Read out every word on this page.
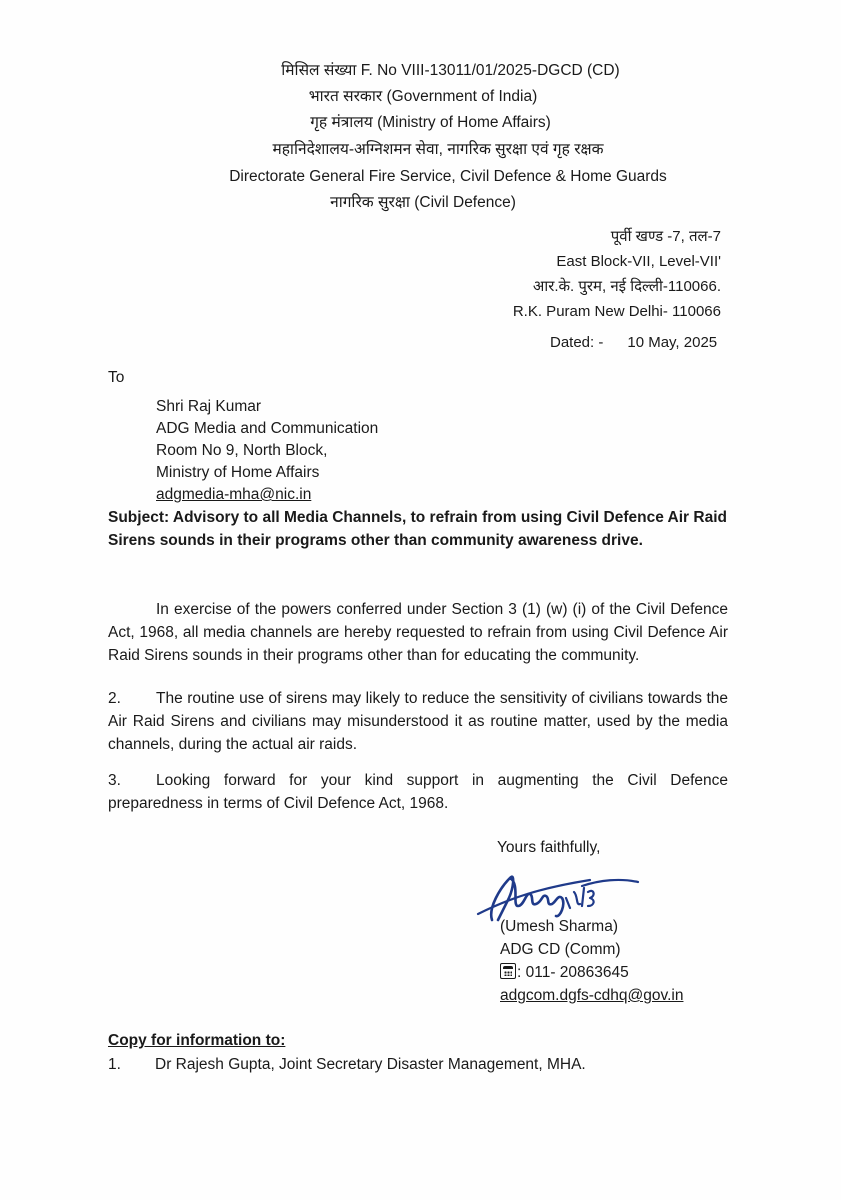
मिसिल संख्या F. No VIII-13011/01/2025-DGCD (CD)
भारत सरकार (Government of India)
गृह मंत्रालय (Ministry of Home Affairs)
महानिदेशालय-अग्निशमन सेवा, नागरिक सुरक्षा एवं गृह रक्षक
Directorate General Fire Service, Civil Defence & Home Guards
नागरिक सुरक्षा (Civil Defence)
पूर्वी खण्ड -7, तल-7
East Block-VII, Level-VII'
आर.के. पुरम, नई दिल्ली-110066.
R.K. Puram New Delhi- 110066
Dated: - 10 May, 2025
To
Shri Raj Kumar
ADG Media and Communication
Room No 9, North Block,
Ministry of Home Affairs
adgmedia-mha@nic.in
Subject: Advisory to all Media Channels, to refrain from using Civil Defence Air Raid Sirens sounds in their programs other than community awareness drive.
In exercise of the powers conferred under Section 3 (1) (w) (i) of the Civil Defence Act, 1968, all media channels are hereby requested to refrain from using Civil Defence Air Raid Sirens sounds in their programs other than for educating the community.
2. The routine use of sirens may likely to reduce the sensitivity of civilians towards the Air Raid Sirens and civilians may misunderstood it as routine matter, used by the media channels, during the actual air raids.
3. Looking forward for your kind support in augmenting the Civil Defence preparedness in terms of Civil Defence Act, 1968.
Yours faithfully,
(Umesh Sharma)
ADG CD (Comm)
: 011- 20863645
adgcom.dgfs-cdhq@gov.in
Copy for information to:
1. Dr Rajesh Gupta, Joint Secretary Disaster Management, MHA.
